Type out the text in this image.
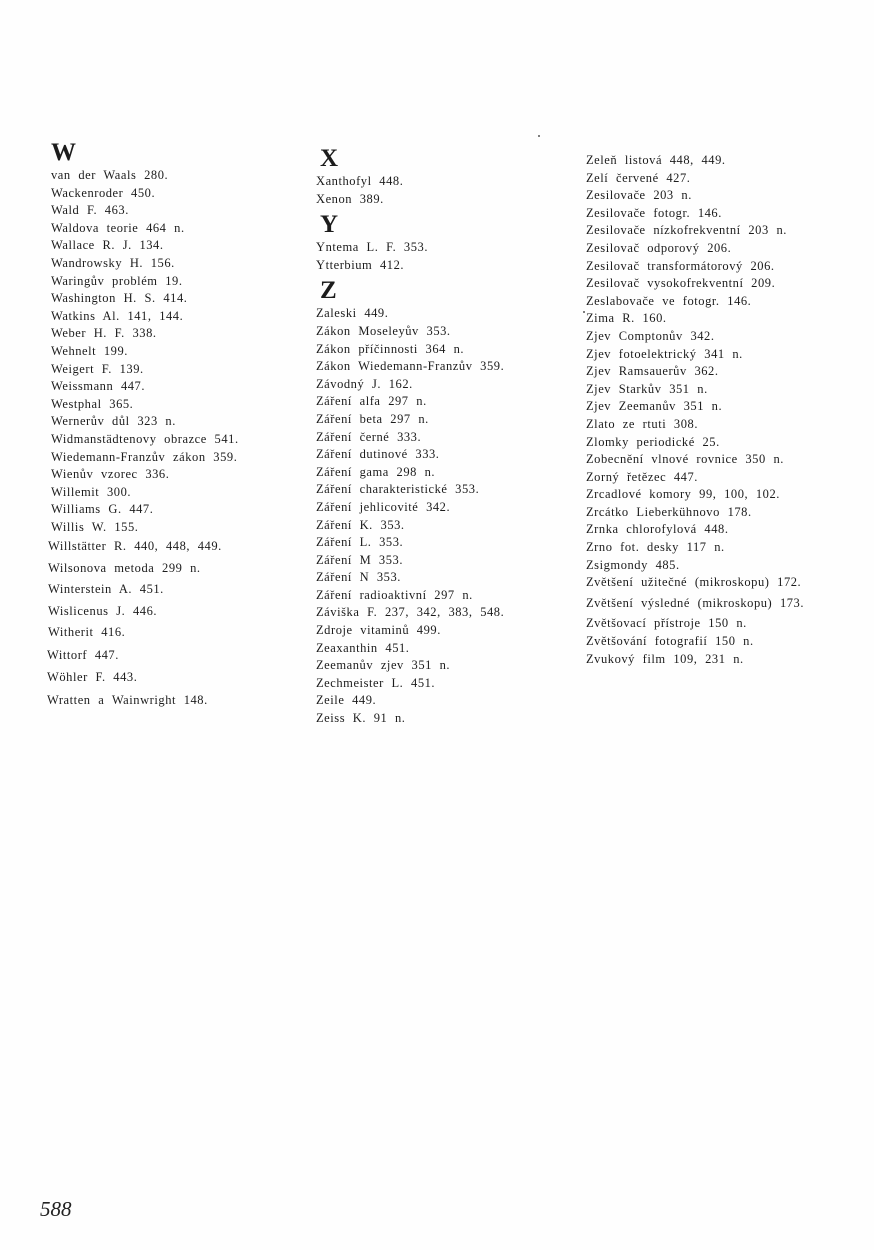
W
van der Waals 280.
Wackenroder 450.
Wald F. 463.
Waldova teorie 464 n.
Wallace R. J. 134.
Wandrowsky H. 156.
Waringův problém 19.
Washington H. S. 414.
Watkins Al. 141, 144.
Weber H. F. 338.
Wehnelt 199.
Weigert F. 139.
Weissmann 447.
Westphal 365.
Wernerův důl 323 n.
Widmanstädtenovy obrazce 541.
Wiedemann-Franzův zákon 359.
Wienův vzorec 336.
Willemit 300.
Williams G. 447.
Willis W. 155.
Willstätter R. 440, 448, 449.
Wilsonova metoda 299 n.
Winterstein A. 451.
Wislicenus J. 446.
Witherit 416.
Wittorf 447.
Wöhler F. 443.
Wratten a Wainwright 148.
X
Xanthofyl 448.
Xenon 389.
Y
Yntema L. F. 353.
Ytterbium 412.
Z
Zaleski 449.
Zákon Moseleyův 353.
Zákon příčinnosti 364 n.
Zákon Wiedemann-Franzův 359.
Závodný J. 162.
Záření alfa 297 n.
Záření beta 297 n.
Záření černé 333.
Záření dutinové 333.
Záření gama 298 n.
Záření charakteristické 353.
Záření jehlicovité 342.
Záření K. 353.
Záření L. 353.
Záření M 353.
Záření N 353.
Záření radioaktivní 297 n.
Záviška F. 237, 342, 383, 548.
Zdroje vitaminů 499.
Zeaxanthin 451.
Zeemanův zjev 351 n.
Zechmeister L. 451.
Zeile 449.
Zeiss K. 91 n.
Zeleň listová 448, 449.
Zelí červené 427.
Zesilovače 203 n.
Zesilovače fotogr. 146.
Zesilovače nízkofrekventní 203 n.
Zesilovač odporový 206.
Zesilovač transformátorový 206.
Zesilovač vysokofrekventní 209.
Zeslabovače ve fotogr. 146.
Zima R. 160.
Zjev Comptonův 342.
Zjev fotoelektrický 341 n.
Zjev Ramsauerův 362.
Zjev Starkův 351 n.
Zjev Zeemanův 351 n.
Zlato ze rtuti 308.
Zlomky periodické 25.
Zobecnění vlnové rovnice 350 n.
Zorný řetězec 447.
Zrcadlové komory 99, 100, 102.
Zrcátko Lieberkühnovo 178.
Zrnka chlorofylová 448.
Zrno fot. desky 117 n.
Zsigmondy 485.
Zvětšení užitečné (mikroskopu) 172.
Zvětšení výsledné (mikroskopu) 173.
Zvětšovací přístroje 150 n.
Zvětšování fotografií 150 n.
Zvukový film 109, 231 n.
588
